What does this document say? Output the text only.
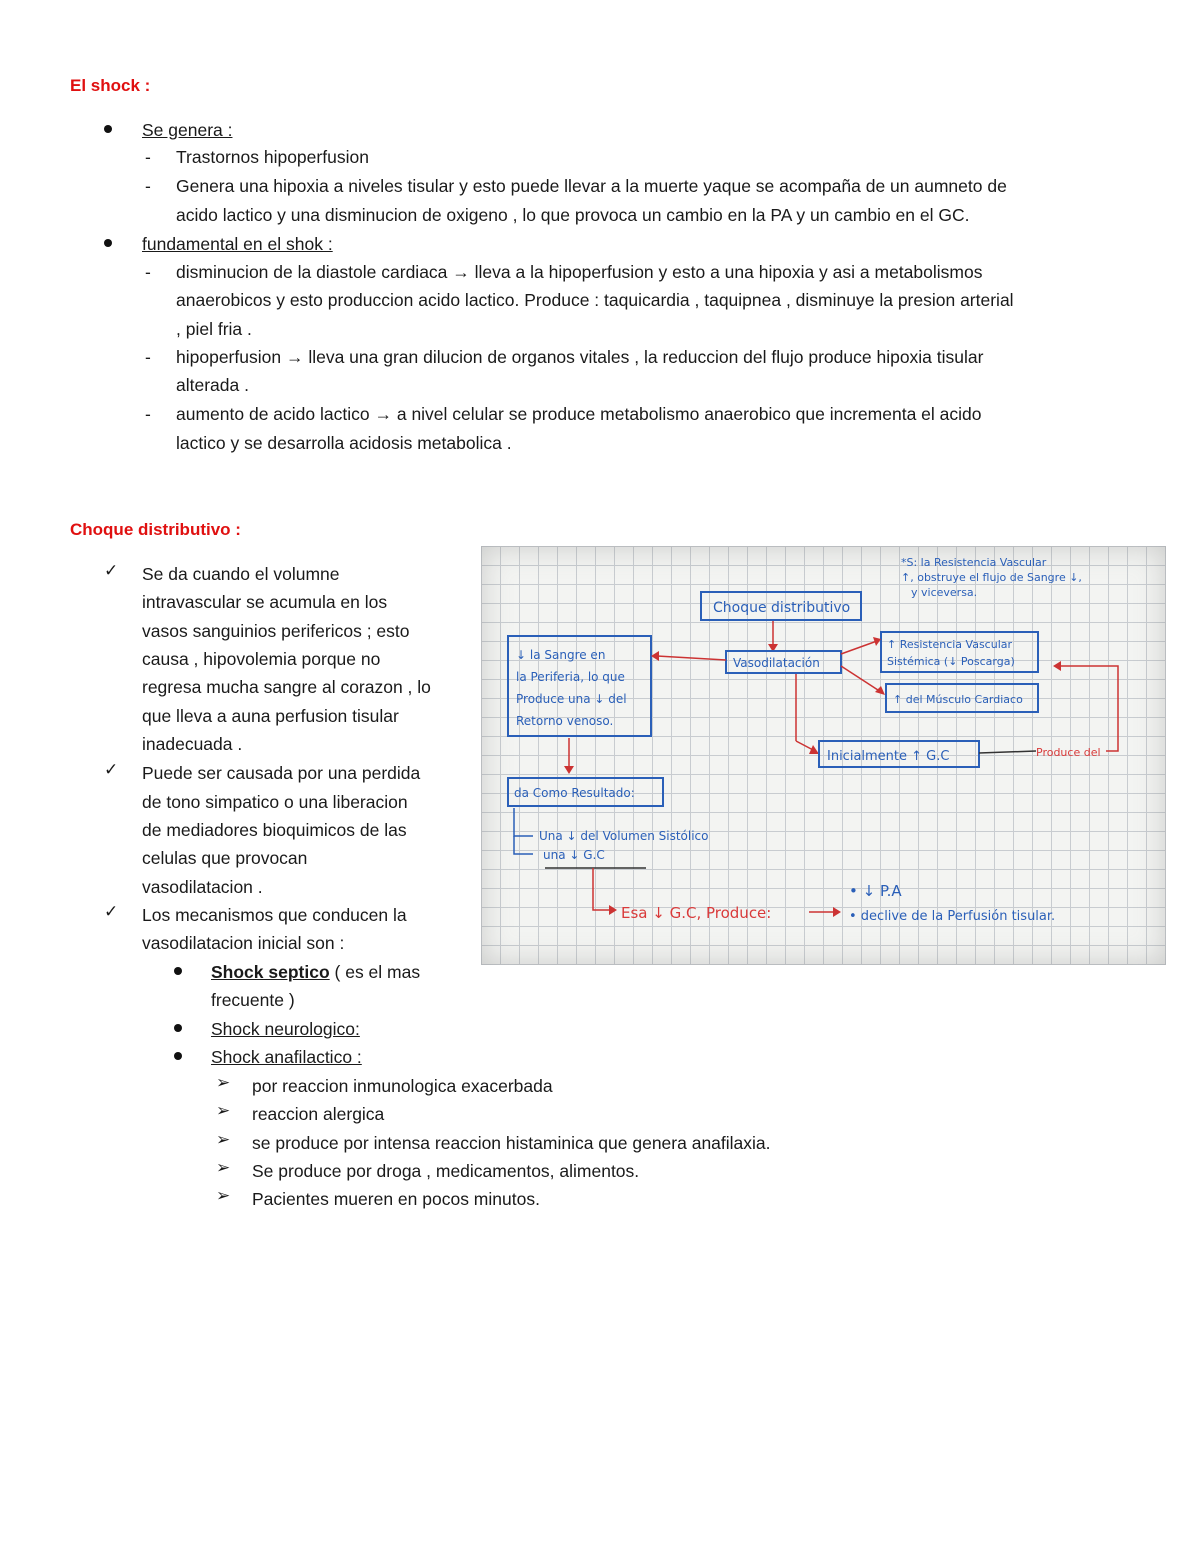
El shock :
Se genera :
- Trastornos hipoperfusion
- Genera una hipoxia a niveles tisular y esto puede llevar a la muerte yaque se acompaña de un aumneto de
acido lactico y una disminucion de oxigeno , lo que provoca un cambio en la PA y un cambio en el GC.
fundamental en el shok :
- disminucion de la diastole cardiaca → lleva a la hipoperfusion y esto a una hipoxia y asi a metabolismos
anaerobicos y esto produccion acido lactico. Produce : taquicardia , taquipnea , disminuye la presion arterial
, piel fria .
- hipoperfusion → lleva una gran dilucion de organos vitales , la reduccion del flujo produce hipoxia tisular
alterada .
- aumento de acido lactico → a nivel celular se produce metabolismo anaerobico que incrementa el acido
lactico y se desarrolla acidosis metabolica .
Choque distributivo :
✓ Se da cuando el volumne
intravascular se acumula en los
vasos sanguinios perifericos ; esto
causa , hipovolemia porque no
regresa mucha sangre al corazon , lo
que lleva a auna perfusion tisular
inadecuada .
✓ Puede ser causada por una perdida
de tono simpatico o una liberacion
de mediadores bioquimicos de las
celulas que provocan
vasodilatacion .
✓ Los mecanismos que conducen la
vasodilatacion inicial son :
Shock septico ( es el mas
frecuente )
Shock neurologico:
Shock anafilactico :
➢ por reaccion inmunologica exacerbada
➢ reaccion alergica
➢ se produce por intensa reaccion histaminica que genera anafilaxia.
➢ Se produce por droga , medicamentos, alimentos.
➢ Pacientes mueren en pocos minutos.
Choque distributivo
Vasodilatación
↓ la Sangre en
la Periferia, lo que
Produce una ↓ del
Retorno venoso.
↑ Resistencia Vascular
Sistémica (↓ Poscarga)
↑ del Músculo Cardiaco
*S: la Resistencia Vascular
↑, obstruye el flujo de Sangre ↓,
y viceversa.
Inicialmente ↑ G.C	Produce del
da Como Resultado:
Una ↓ del Volumen Sistólico
una ↓ G.C
Esa ↓ G.C, Produce:
• ↓ P.A
• declive de la Perfusión tisular.
